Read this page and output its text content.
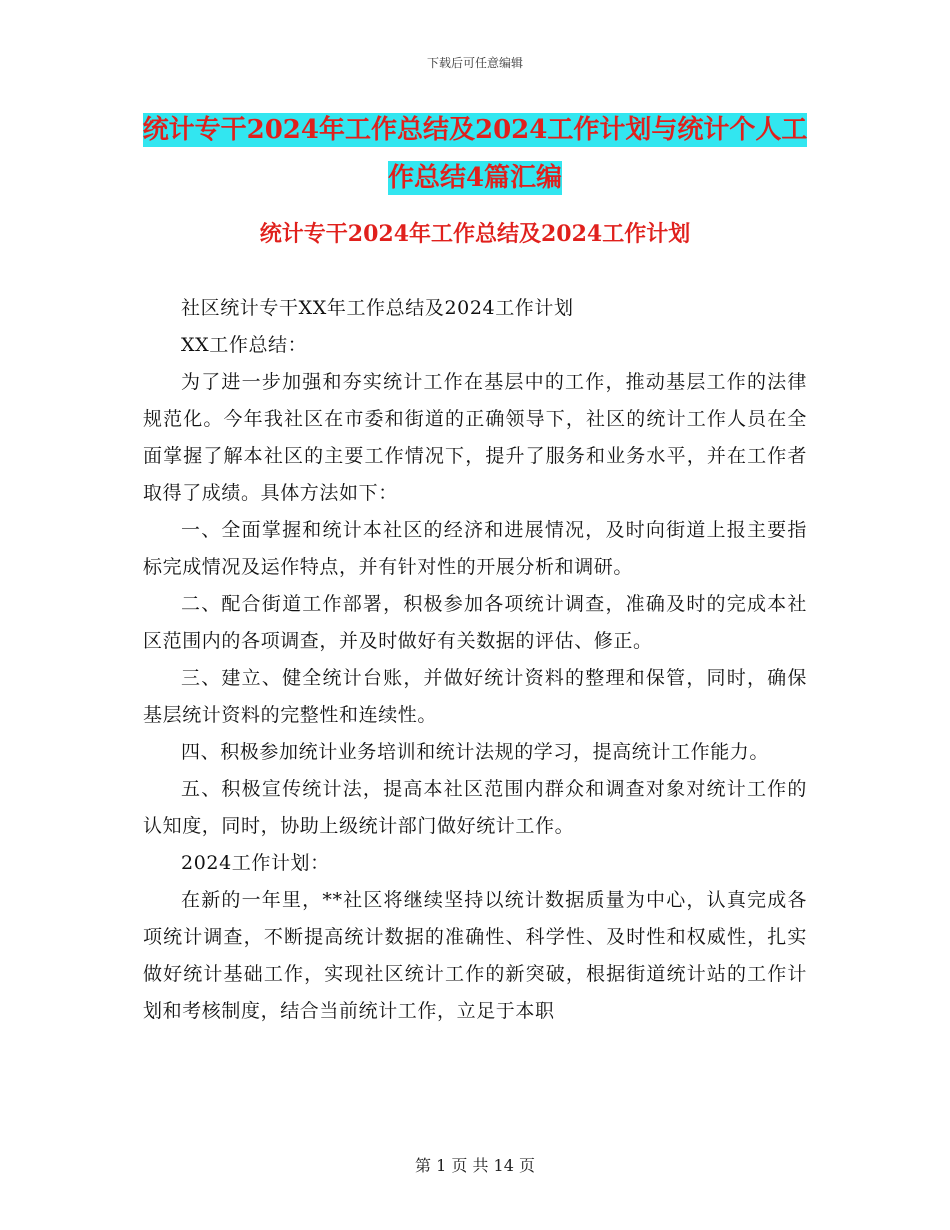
下载后可任意编辑
统计专干2024年工作总结及2024工作计划与统计个人工作总结4篇汇编
统计专干2024年工作总结及2024工作计划

社区统计专干XX年工作总结及2024工作计划

XX工作总结：

为了进一步加强和夯实统计工作在基层中的工作，推动基层工作的法律规范化。今年我社区在市委和街道的正确领导下，社区的统计工作人员在全面掌握了解本社区的主要工作情况下，提升了服务和业务水平，并在工作者取得了成绩。具体方法如下：

一、全面掌握和统计本社区的经济和进展情况，及时向街道上报主要指标完成情况及运作特点，并有针对性的开展分析和调研。

二、配合街道工作部署，积极参加各项统计调查，准确及时的完成本社区范围内的各项调查，并及时做好有关数据的评估、修正。

三、建立、健全统计台账，并做好统计资料的整理和保管，同时，确保基层统计资料的完整性和连续性。

四、积极参加统计业务培训和统计法规的学习，提高统计工作能力。

五、积极宣传统计法，提高本社区范围内群众和调查对象对统计工作的认知度，同时，协助上级统计部门做好统计工作。

2024工作计划：

在新的一年里，**社区将继续坚持以统计数据质量为中心，认真完成各项统计调查，不断提高统计数据的准确性、科学性、及时性和权威性，扎实做好统计基础工作，实现社区统计工作的新突破，根据街道统计站的工作计划和考核制度，结合当前统计工作，立足于本职

第 1 页 共 14 页
